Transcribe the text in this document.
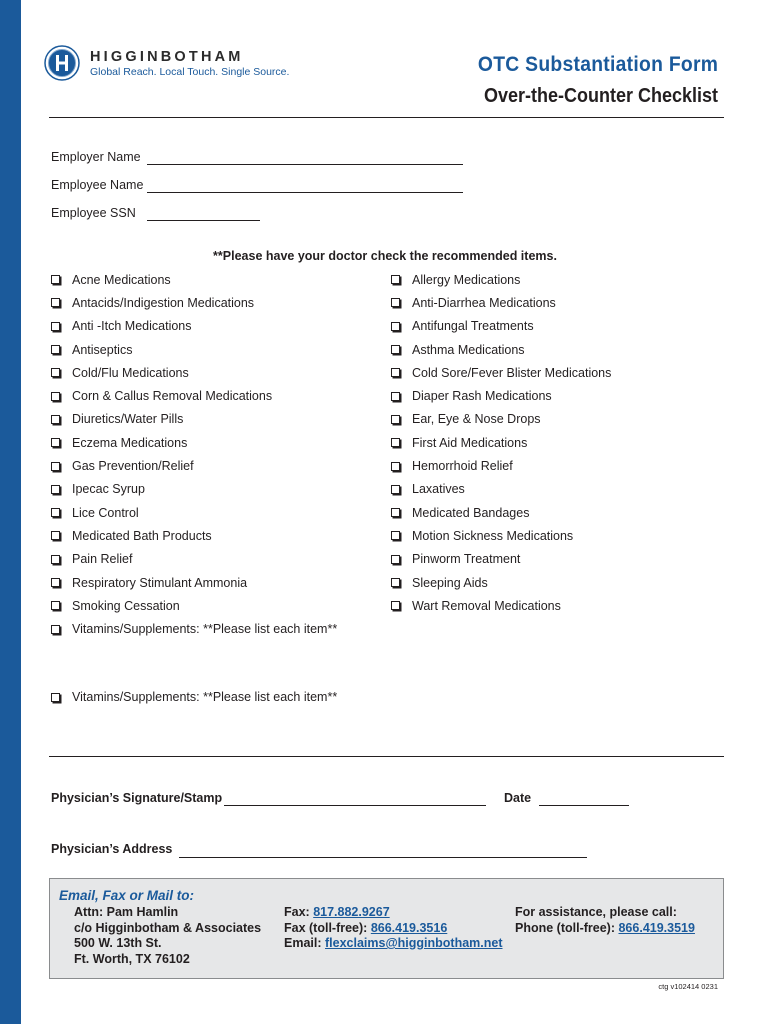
HIGGINBOTHAM
Global Reach. Local Touch. Single Source.	OTC Substantiation Form
Over-the-Counter Checklist
Employer Name
Employee Name
Employee SSN
**Please have your doctor check the recommended items.
Acne Medications
Antacids/Indigestion Medications
Anti -Itch Medications
Antiseptics
Cold/Flu Medications
Corn & Callus Removal Medications
Diuretics/Water Pills
Eczema Medications
Gas Prevention/Relief
Ipecac Syrup
Lice Control
Medicated Bath Products
Pain Relief
Respiratory Stimulant Ammonia
Smoking Cessation
Vitamins/Supplements: **Please list each item**
Allergy Medications
Anti-Diarrhea Medications
Antifungal Treatments
Asthma Medications
Cold Sore/Fever Blister Medications
Diaper Rash Medications
Ear, Eye & Nose Drops
First Aid Medications
Hemorrhoid Relief
Laxatives
Medicated Bandages
Motion Sickness Medications
Pinworm Treatment
Sleeping Aids
Wart Removal Medications
Vitamins/Supplements: **Please list each item**
Physician’s Signature/Stamp	Date
Physician’s Address
Email, Fax or Mail to:
Attn: Pam Hamlin
c/o Higginbotham & Associates
500 W. 13th St.
Ft. Worth, TX 76102
Fax: 817.882.9267
Fax (toll-free): 866.419.3516
Email: flexclaims@higginbotham.net
For assistance, please call:
Phone (toll-free): 866.419.3519
ctg v102414 0231
